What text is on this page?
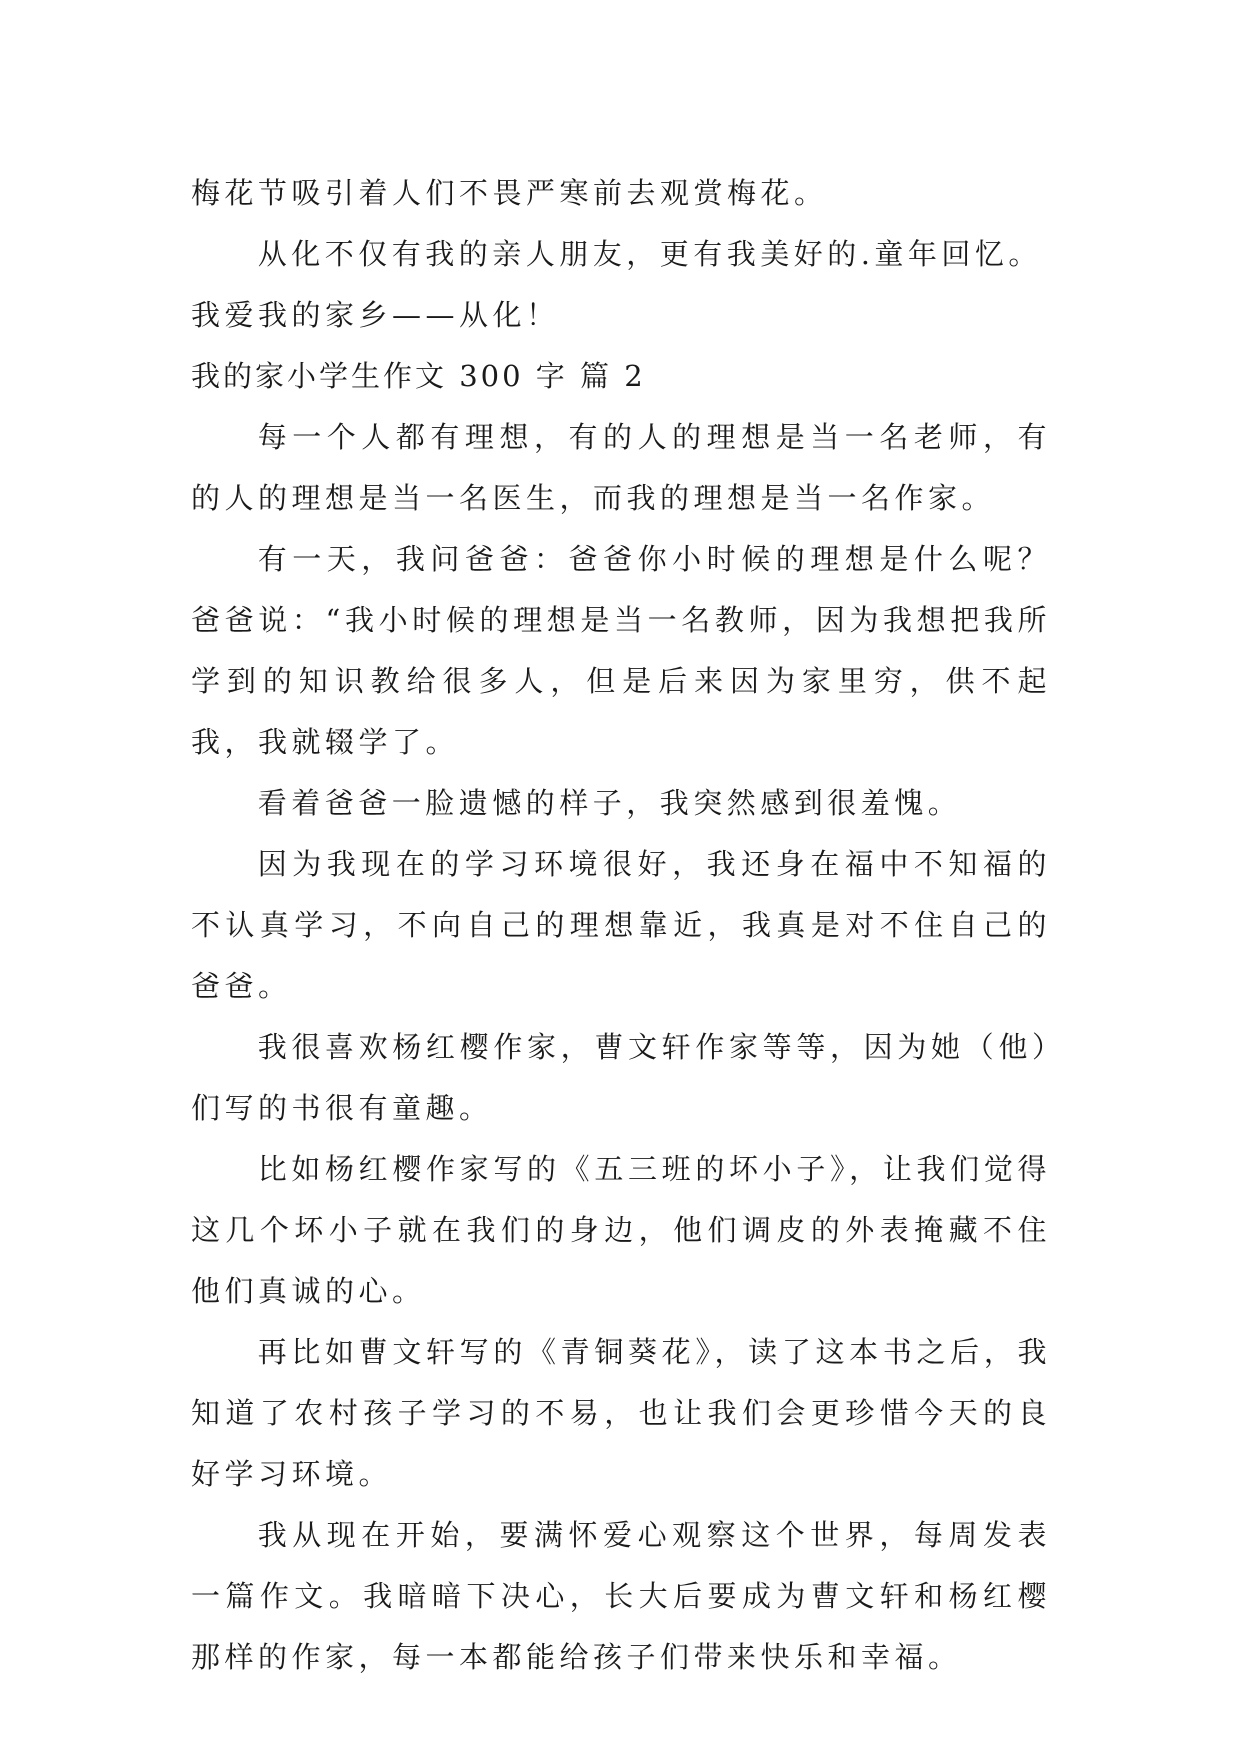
梅花节吸引着人们不畏严寒前去观赏梅花。

从化不仅有我的亲人朋友，更有我美好的.童年回忆。

我爱我的家乡——从化！

我的家小学生作文 300 字 篇 2

每一个人都有理想，有的人的理想是当一名老师，有的人的理想是当一名医生，而我的理想是当一名作家。

有一天，我问爸爸：爸爸你小时候的理想是什么呢？爸爸说：“我小时候的理想是当一名教师，因为我想把我所学到的知识教给很多人，但是后来因为家里穷，供不起我，我就辍学了。

看着爸爸一脸遗憾的样子，我突然感到很羞愧。

因为我现在的学习环境很好，我还身在福中不知福的不认真学习，不向自己的理想靠近，我真是对不住自己的爸爸。

我很喜欢杨红樱作家，曹文轩作家等等，因为她（他）们写的书很有童趣。

比如杨红樱作家写的《五三班的坏小子》，让我们觉得这几个坏小子就在我们的身边，他们调皮的外表掩藏不住他们真诚的心。

再比如曹文轩写的《青铜葵花》，读了这本书之后，我知道了农村孩子学习的不易，也让我们会更珍惜今天的良好学习环境。

我从现在开始，要满怀爱心观察这个世界，每周发表一篇作文。我暗暗下决心，长大后要成为曹文轩和杨红樱那样的作家，每一本都能给孩子们带来快乐和幸福。
